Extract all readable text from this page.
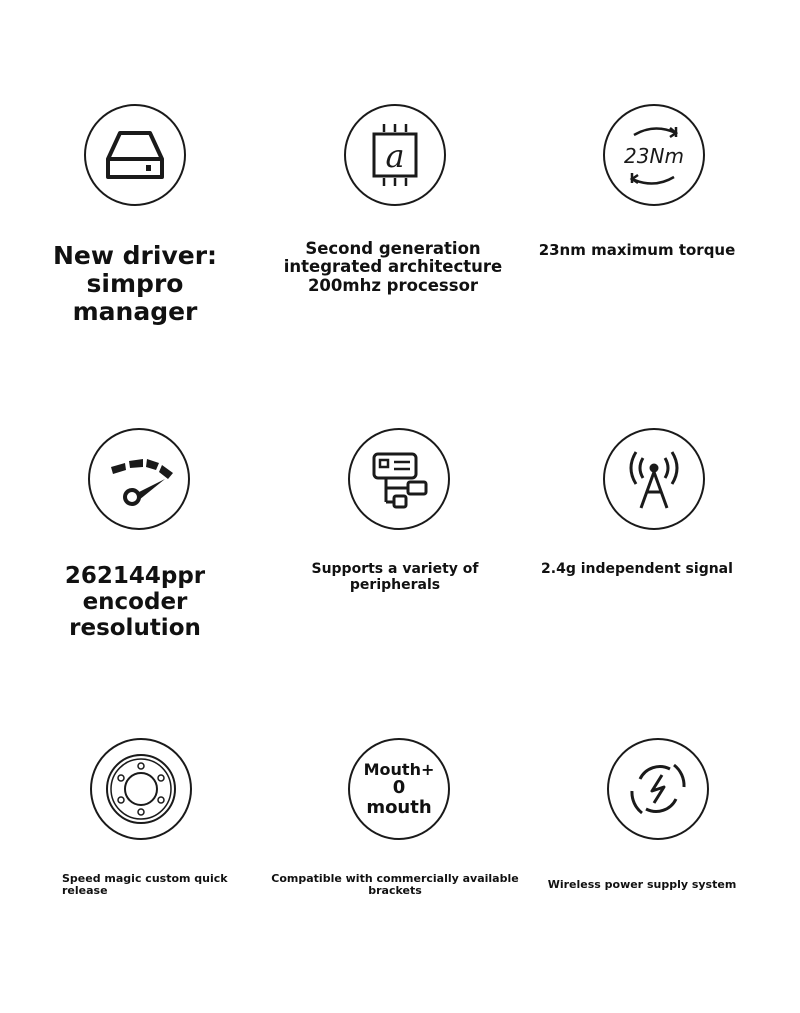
New driver:
simpro manager
a
Second generation
integrated architecture
200mhz processor
23Nm
23nm maximum torque
262144ppr encoder
resolution
Supports a variety of peripherals
2.4g independent signal
Speed magic custom quick
release
Mouth+
0
mouth
Compatible with commercially available
brackets	Wireless power supply system
